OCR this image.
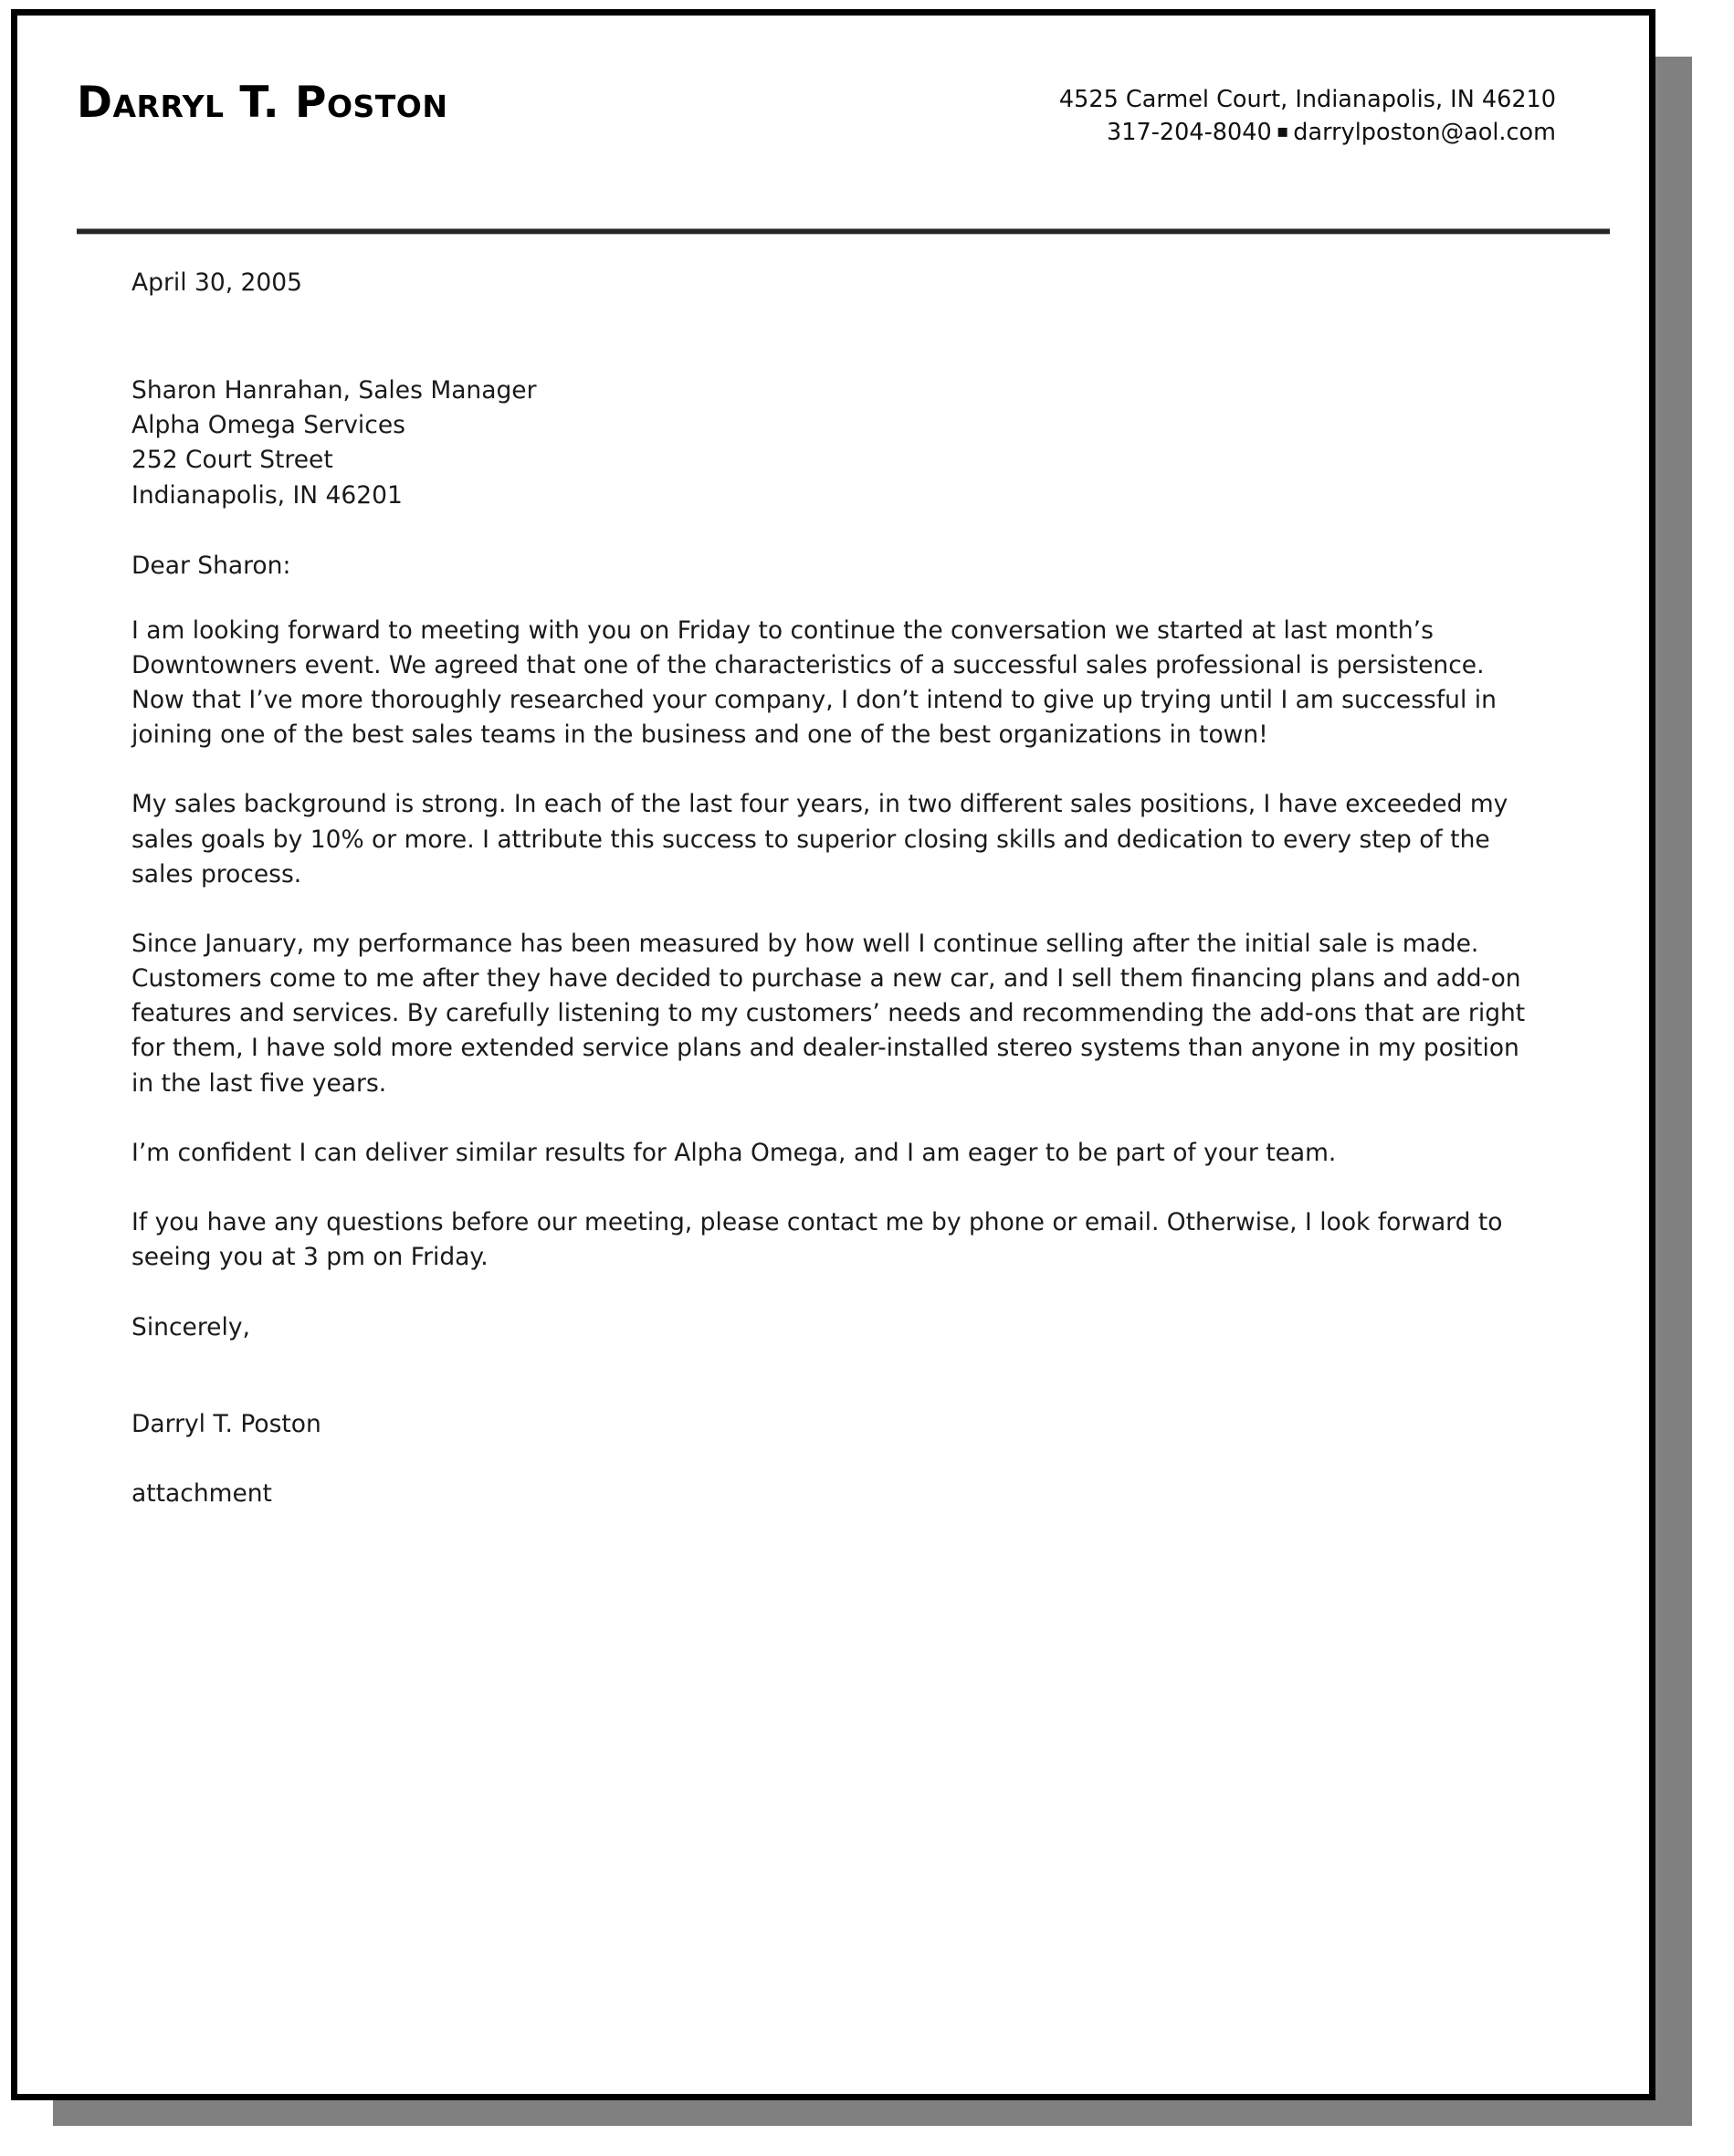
Darryl T. Poston	4525 Carmel Court, Indianapolis, IN 46210
317-204-8040 ▪ darrylposton@aol.com
April 30, 2005
Sharon Hanrahan, Sales Manager
Alpha Omega Services
252 Court Street
Indianapolis, IN 46201
Dear Sharon:

I am looking forward to meeting with you on Friday to continue the conversation we started at last month’s Downtowners event. We agreed that one of the characteristics of a successful sales professional is persistence. Now that I’ve more thoroughly researched your company, I don’t intend to give up trying until I am successful in joining one of the best sales teams in the business and one of the best organizations in town!

My sales background is strong. In each of the last four years, in two different sales positions, I have exceeded my sales goals by 10% or more. I attribute this success to superior closing skills and dedication to every step of the sales process.

Since January, my performance has been measured by how well I continue selling after the initial sale is made. Customers come to me after they have decided to purchase a new car, and I sell them financing plans and add-on features and services. By carefully listening to my customers’ needs and recommending the add-ons that are right for them, I have sold more extended service plans and dealer-installed stereo systems than anyone in my position in the last five years.

I’m confident I can deliver similar results for Alpha Omega, and I am eager to be part of your team.

If you have any questions before our meeting, please contact me by phone or email. Otherwise, I look forward to seeing you at 3 pm on Friday.

Sincerely,
Darryl T. Poston
attachment
